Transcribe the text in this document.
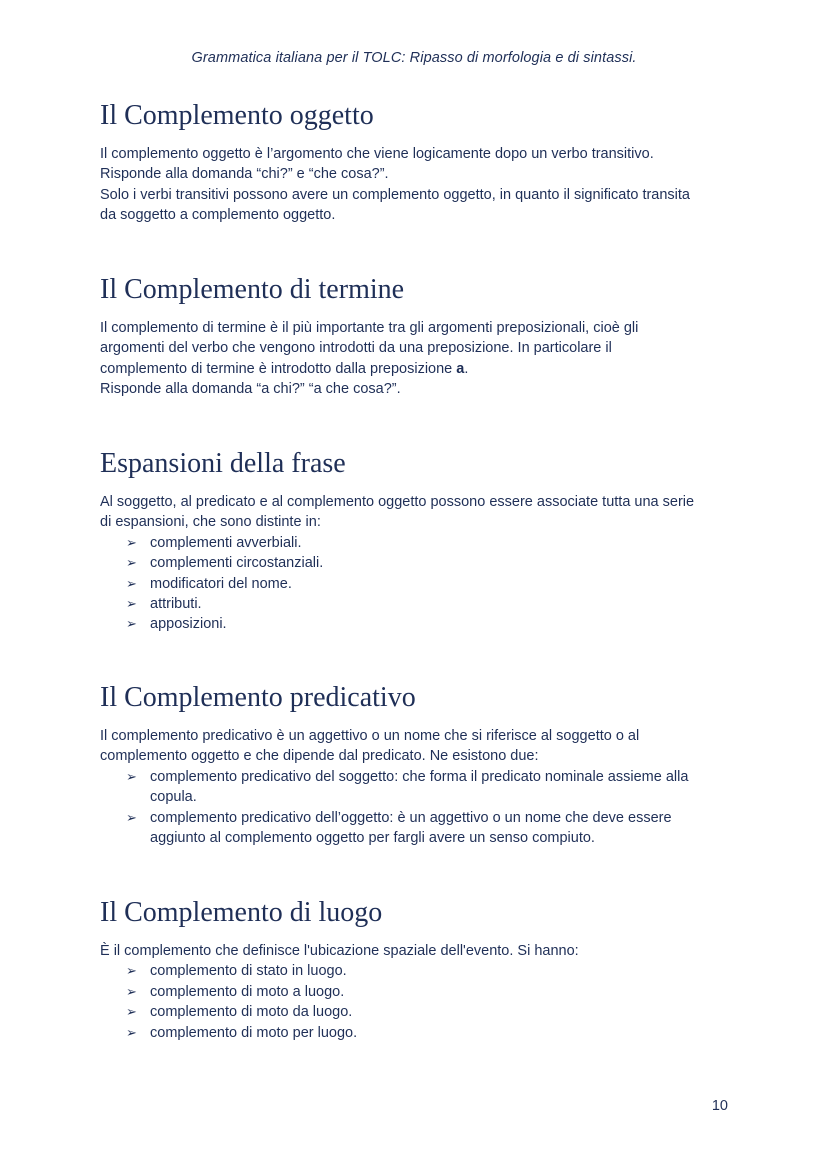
Grammatica italiana per il TOLC: Ripasso di morfologia e di sintassi.
Il Complemento oggetto

Il complemento oggetto è l’argomento che viene logicamente dopo un verbo transitivo.

Risponde alla domanda “chi?” e “che cosa?”.

Solo i verbi transitivi possono avere un complemento oggetto, in quanto il significato transita

da soggetto a complemento oggetto.

Il Complemento di termine

Il complemento di termine è il più importante tra gli argomenti preposizionali, cioè gli

argomenti del verbo che vengono introdotti da una preposizione. In particolare il

complemento di termine è introdotto dalla preposizione a.

Risponde alla domanda “a chi?” “a che cosa?”.

Espansioni della frase

Al soggetto, al predicato e al complemento oggetto possono essere associate tutta una serie

di espansioni, che sono distinte in:

➢ complementi avverbiali.
➢ complementi circostanziali.
➢ modificatori del nome.
➢ attributi.
➢ apposizioni.
Il Complemento predicativo

Il complemento predicativo è un aggettivo o un nome che si riferisce al soggetto o al

complemento oggetto e che dipende dal predicato. Ne esistono due:

➢ complemento predicativo del soggetto: che forma il predicato nominale assieme alla
copula.
➢ complemento predicativo dell’oggetto: è un aggettivo o un nome che deve essere
aggiunto al complemento oggetto per fargli avere un senso compiuto.
Il Complemento di luogo

È il complemento che definisce l'ubicazione spaziale dell'evento. Si hanno:

➢ complemento di stato in luogo.
➢ complemento di moto a luogo.
➢ complemento di moto da luogo.
➢ complemento di moto per luogo.
10
